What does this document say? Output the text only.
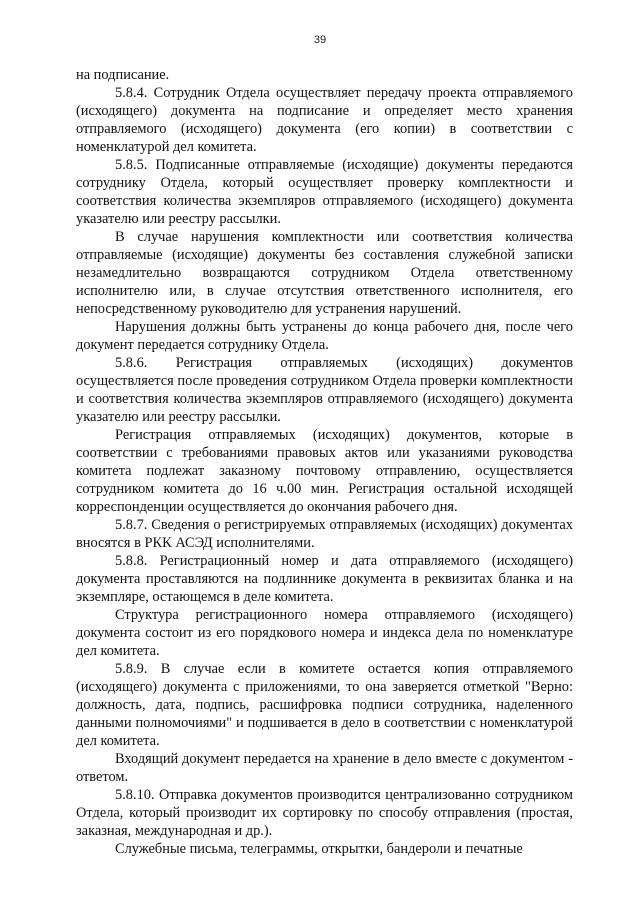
39

на подписание.

5.8.4. Сотрудник Отдела осуществляет передачу проекта отправляемого (исходящего) документа на подписание и определяет место хранения отправляемого (исходящего) документа (его копии) в соответствии с номенклатурой дел комитета.

5.8.5. Подписанные отправляемые (исходящие) документы передаются сотруднику Отдела, который осуществляет проверку комплектности и соответствия количества экземпляров отправляемого (исходящего) документа указателю или реестру рассылки.

В случае нарушения комплектности или соответствия количества отправляемые (исходящие) документы без составления служебной записки незамедлительно возвращаются сотрудником Отдела ответственному исполнителю или, в случае отсутствия ответственного исполнителя, его непосредственному руководителю для устранения нарушений.

Нарушения должны быть устранены до конца рабочего дня, после чего документ передается сотруднику Отдела.

5.8.6. Регистрация отправляемых (исходящих) документов осуществляется после проведения сотрудником Отдела проверки комплектности и соответствия количества экземпляров отправляемого (исходящего) документа указателю или реестру рассылки.

Регистрация отправляемых (исходящих) документов, которые в соответствии с требованиями правовых актов или указаниями руководства комитета подлежат заказному почтовому отправлению, осуществляется сотрудником комитета до 16 ч.00 мин. Регистрация остальной исходящей корреспонденции осуществляется до окончания рабочего дня.

5.8.7. Сведения о регистрируемых отправляемых (исходящих) документах вносятся в РКК АСЭД исполнителями.

5.8.8. Регистрационный номер и дата отправляемого (исходящего) документа проставляются на подлиннике документа в реквизитах бланка и на экземпляре, остающемся в деле комитета.

Структура регистрационного номера отправляемого (исходящего) документа состоит из его порядкового номера и индекса дела по номенклатуре дел комитета.

5.8.9. В случае если в комитете остается копия отправляемого (исходящего) документа с приложениями, то она заверяется отметкой "Верно: должность, дата, подпись, расшифровка подписи сотрудника, наделенного данными полномочиями" и подшивается в дело в соответствии с номенклатурой дел комитета.

Входящий документ передается на хранение в дело вместе с документом - ответом.

5.8.10. Отправка документов производится централизованно сотрудником Отдела, который производит их сортировку по способу отправления (простая, заказная, международная и др.).

Служебные письма, телеграммы, открытки, бандероли и печатные
